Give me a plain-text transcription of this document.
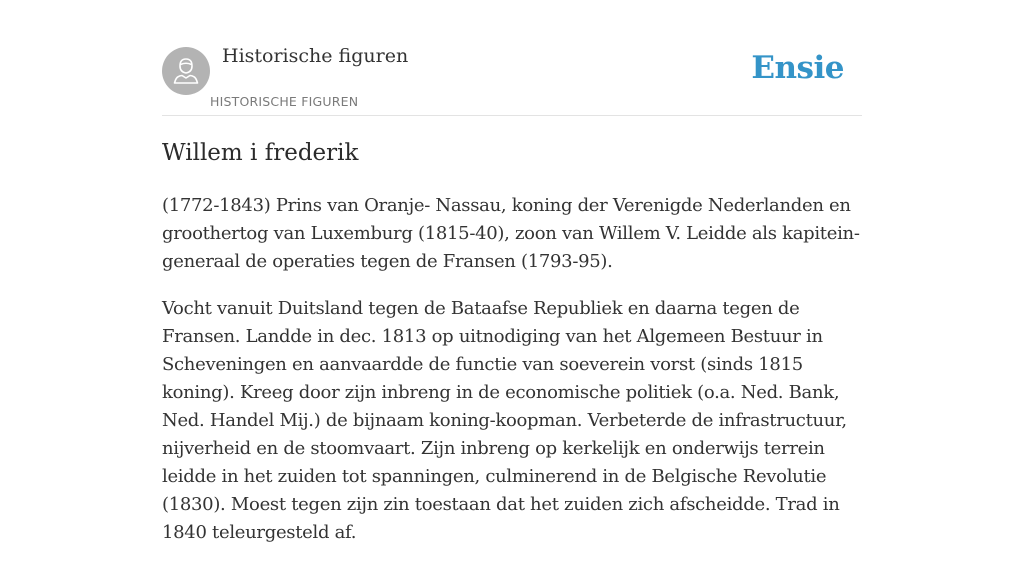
Historische figuren
HISTORISCHE FIGUREN
Ensie
Willem i frederik

(1772-1843) Prins van Oranje- Nassau, koning der Verenigde Nederlanden en groothertog van Luxemburg (1815-40), zoon van Willem V. Leidde als kapitein-generaal de operaties tegen de Fransen (1793-95).

Vocht vanuit Duitsland tegen de Bataafse Republiek en daarna tegen de Fransen. Landde in dec. 1813 op uitnodiging van het Algemeen Bestuur in Scheveningen en aanvaardde de functie van soeverein vorst (sinds 1815 koning). Kreeg door zijn inbreng in de economische politiek (o.a. Ned. Bank, Ned. Handel Mij.) de bijnaam koning-koopman. Verbeterde de infrastructuur, nijverheid en de stoomvaart. Zijn inbreng op kerkelijk en onderwijs terrein leidde in het zuiden tot spanningen, culminerend in de Belgische Revolutie (1830). Moest tegen zijn zin toestaan dat het zuiden zich afscheidde. Trad in 1840 teleurgesteld af.
